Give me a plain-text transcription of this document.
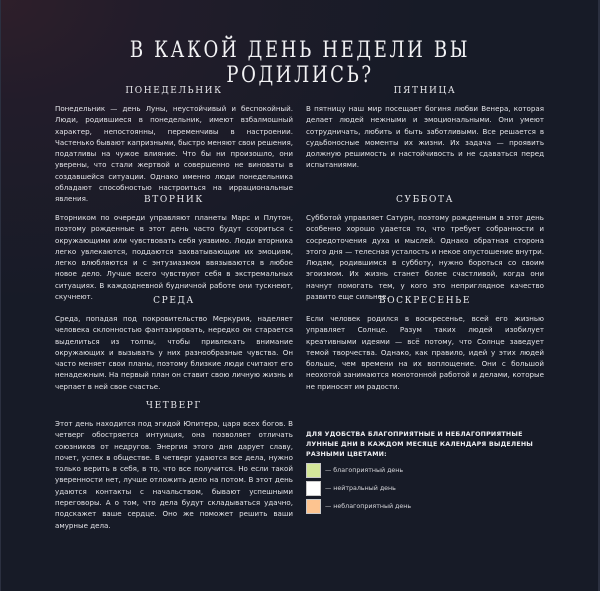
В КАКОЙ ДЕНЬ НЕДЕЛИ ВЫ РОДИЛИСЬ?
ПОНЕДЕЛЬНИК

Понедельник — день Луны, неустойчивый и беспокойный. Люди, родившиеся в понедельник, имеют взбалмошный характер, непостоянны, переменчивы в настроении. Частенько бывают капризными, быстро меняют свои решения, податливы на чужое влияние. Что бы ни произошло, они уверены, что стали жертвой и совершенно не виноваты в создавшейся ситуации. Однако именно люди понедельника обладают способностью настроиться на иррациональные явления.	ВТОРНИК

Вторником по очереди управляют планеты Марс и Плутон, поэтому рожденные в этот день часто будут ссориться с окружающими или чувствовать себя уязвимо. Люди вторника легко увлекаются, поддаются захватывающим их эмоциям, легко влюбляются и с энтузиазмом ввязываются в любое новое дело. Лучше всего чувствуют себя в экстремальных ситуациях. В каждодневной будничной работе они тускнеют, скучнеют.	СРЕДА

Среда, попадая под покровительство Меркурия, наделяет человека склонностью фантазировать, нередко он старается выделиться из толпы, чтобы привлекать внимание окружающих и вызывать у них разнообразные чувства. Он часто меняет свои планы, поэтому близкие люди считают его ненадежным. На первый план он ставит свою личную жизнь и черпает в ней свое счастье.

ЧЕТВЕРГ

Этот день находится под эгидой Юпитера, царя всех богов. В четверг обостряется интуиция, она позволяет отличать союзников от недругов. Энергия этого дня дарует славу, почет, успех в обществе. В четверг удаются все дела, нужно только верить в себя, в то, что все получится. Но если такой уверенности нет, лучше отложить дело на потом. В этот день удаются контакты с начальством, бывают успешными переговоры. А о том, что дела будут складываться удачно, подскажет ваше сердце. Оно же поможет решить ваши амурные дела.

ПЯТНИЦА

В пятницу наш мир посещает богиня любви Венера, которая делает людей нежными и эмоциональными. Они умеют сотрудничать, любить и быть заботливыми. Все решается в судьбоносные моменты их жизни. Их задача — проявить должную решимость и настойчивость и не сдаваться перед испытаниями.

СУББОТА

Субботой управляет Сатурн, поэтому рожденным в этот день особенно хорошо удается то, что требует собранности и сосредоточения духа и мыслей. Однако обратная сторона этого дня — телесная усталость и некое опустошение внутри. Людям, родившимся в субботу, нужно бороться со своим эгоизмом. Их жизнь станет более счастливой, когда они начнут помогать тем, у кого это неприглядное качество развито еще сильнее.

ВОСКРЕСЕНЬЕ

Если человек родился в воскресенье, всей его жизнью управляет Солнце. Разум таких людей изобилует креативными идеями — всё потому, что Солнце заведует темой творчества. Однако, как правило, идей у этих людей больше, чем времени на их воплощение. Они с большой неохотой занимаются монотонной работой и делами, которые не приносят им радости.

ДЛЯ УДОБСТВА БЛАГОПРИЯТНЫЕ И НЕБЛАГОПРИЯТНЫЕ ЛУННЫЕ ДНИ В КАЖДОМ МЕСЯЦЕ КАЛЕНДАРЯ ВЫДЕЛЕНЫ РАЗНЫМИ ЦВЕТАМИ:
— благоприятный день
— нейтральный день
— неблагоприятный день
